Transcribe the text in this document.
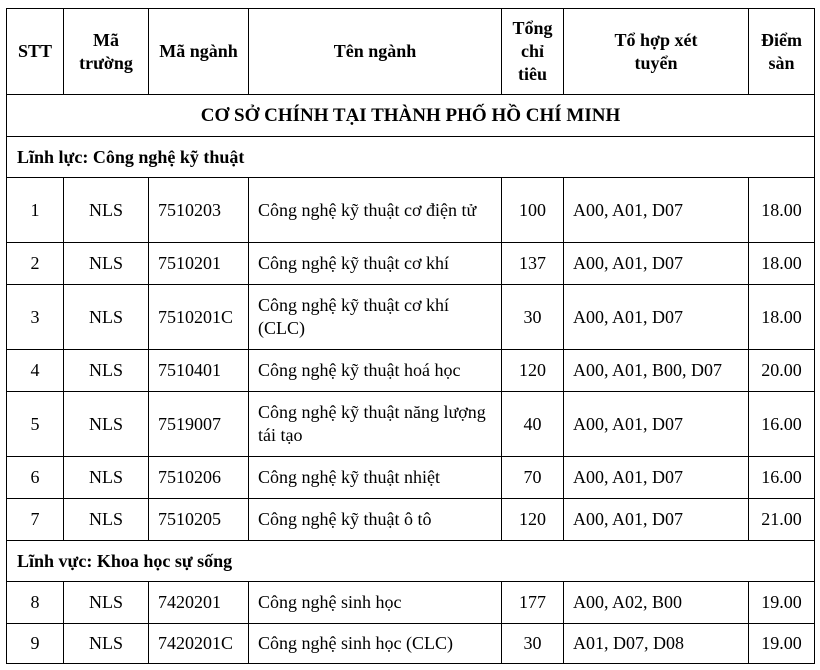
STT	Mã trường	Mã ngành	Tên ngành	Tổng chỉ tiêu	Tổ hợp xét tuyển	Điểm sàn
CƠ SỞ CHÍNH TẠI THÀNH PHỐ HỒ CHÍ MINH						
Lĩnh lực: Công nghệ kỹ thuật						
1	NLS	7510203	Công nghệ kỹ thuật cơ điện tử	100	A00, A01, D07	18.00
2	NLS	7510201	Công nghệ kỹ thuật cơ khí	137	A00, A01, D07	18.00
3	NLS	7510201C	Công nghệ kỹ thuật cơ khí (CLC)	30	A00, A01, D07	18.00
4	NLS	7510401	Công nghệ kỹ thuật hoá học	120	A00, A01, B00, D07	20.00
5	NLS	7519007	Công nghệ kỹ thuật năng lượng tái tạo	40	A00, A01, D07	16.00
6	NLS	7510206	Công nghệ kỹ thuật nhiệt	70	A00, A01, D07	16.00
7	NLS	7510205	Công nghệ kỹ thuật ô tô	120	A00, A01, D07	21.00
Lĩnh vực: Khoa học sự sống						
8	NLS	7420201	Công nghệ sinh học	177	A00, A02, B00	19.00
9	NLS	7420201C	Công nghệ sinh học (CLC)	30	A01, D07, D08	19.00
